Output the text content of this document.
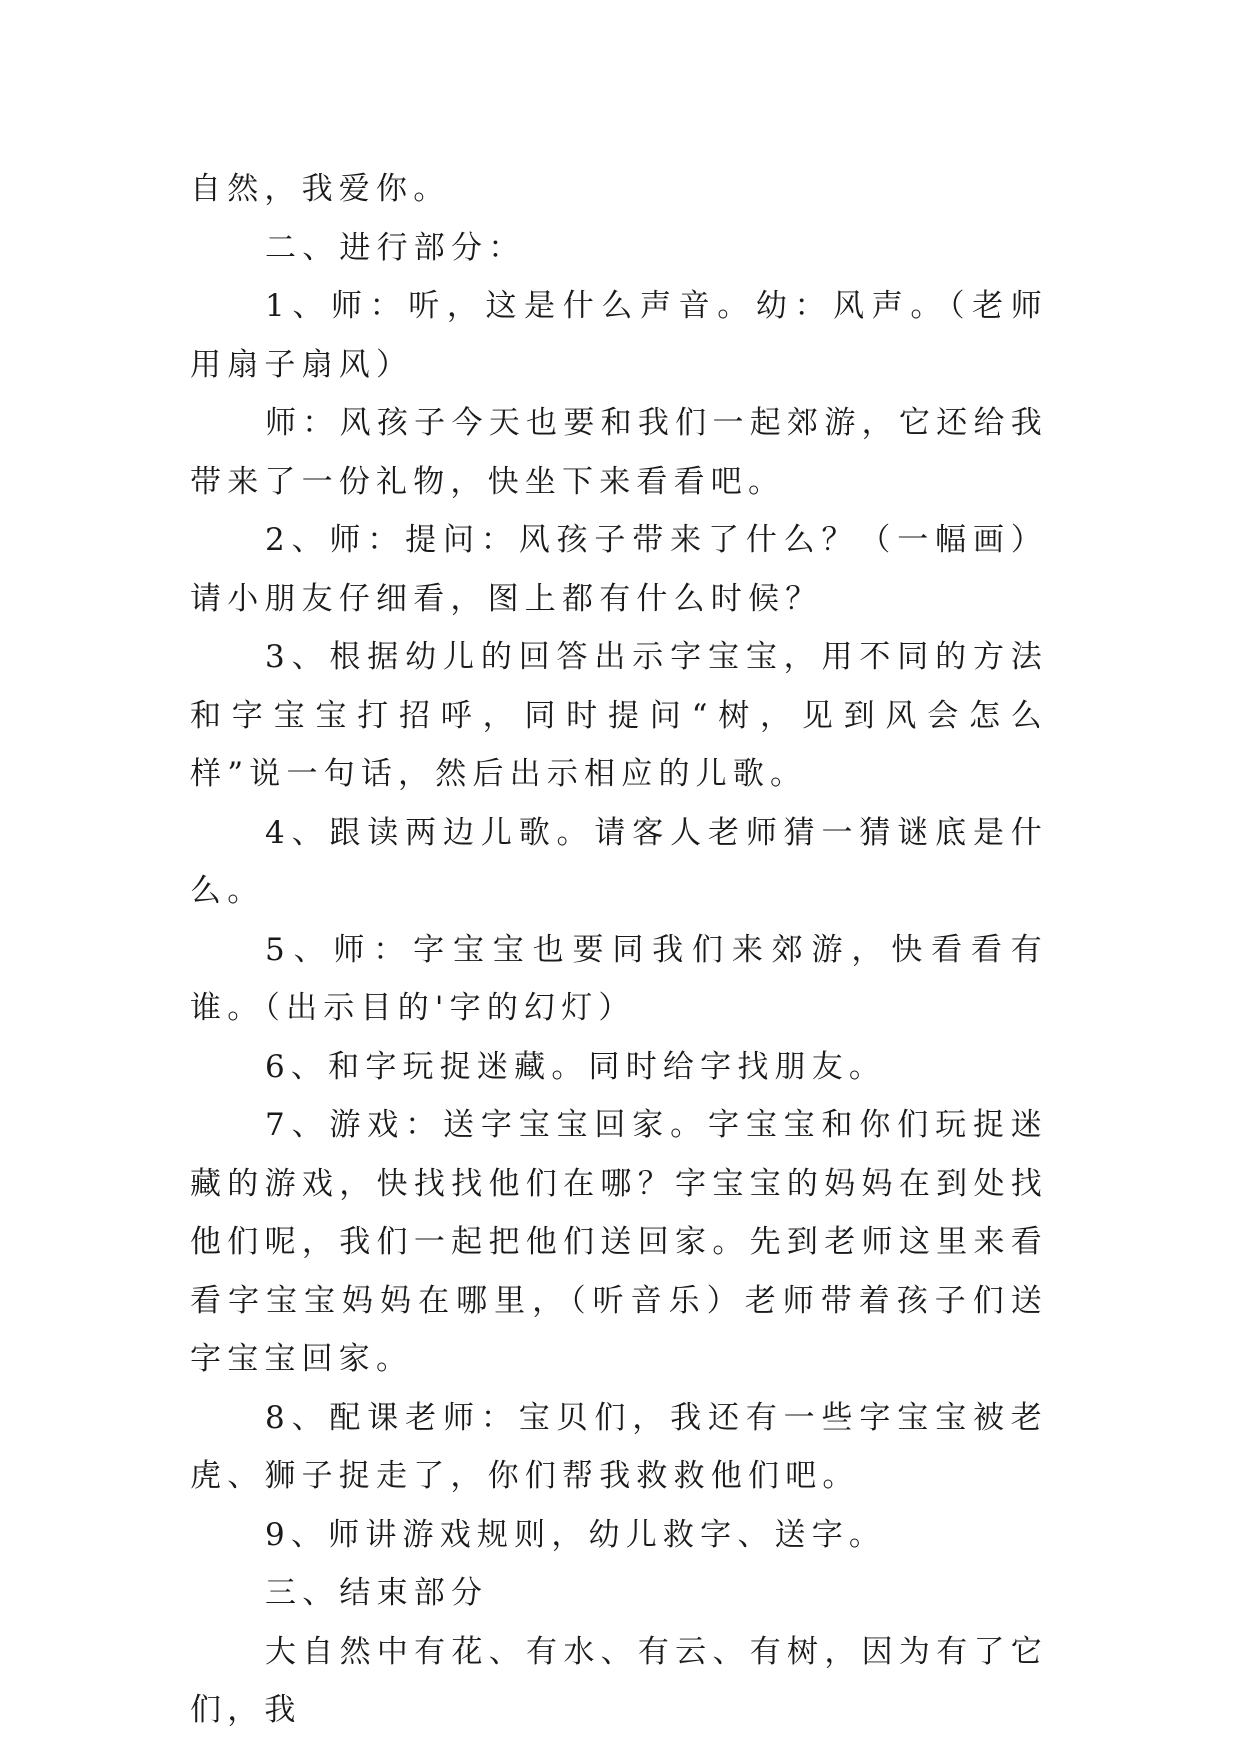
自然，我爱你。

二、进行部分：

1、师：听，这是什么声音。幼：风声。（老师用扇子扇风）

师：风孩子今天也要和我们一起郊游，它还给我带来了一份礼物，快坐下来看看吧。

2、师：提问：风孩子带来了什么？（一幅画）请小朋友仔细看，图上都有什么时候？

3、根据幼儿的回答出示字宝宝，用不同的方法和字宝宝打招呼，同时提问“树，见到风会怎么样”说一句话，然后出示相应的儿歌。

4、跟读两边儿歌。请客人老师猜一猜谜底是什么。

5、师：字宝宝也要同我们来郊游，快看看有谁。（出示目的'字的幻灯）

6、和字玩捉迷藏。同时给字找朋友。

7、游戏：送字宝宝回家。字宝宝和你们玩捉迷藏的游戏，快找找他们在哪？字宝宝的妈妈在到处找他们呢，我们一起把他们送回家。先到老师这里来看看字宝宝妈妈在哪里，（听音乐）老师带着孩子们送字宝宝回家。

8、配课老师：宝贝们，我还有一些字宝宝被老虎、狮子捉走了，你们帮我救救他们吧。

9、师讲游戏规则，幼儿救字、送字。

三、结束部分

大自然中有花、有水、有云、有树，因为有了它们，我
